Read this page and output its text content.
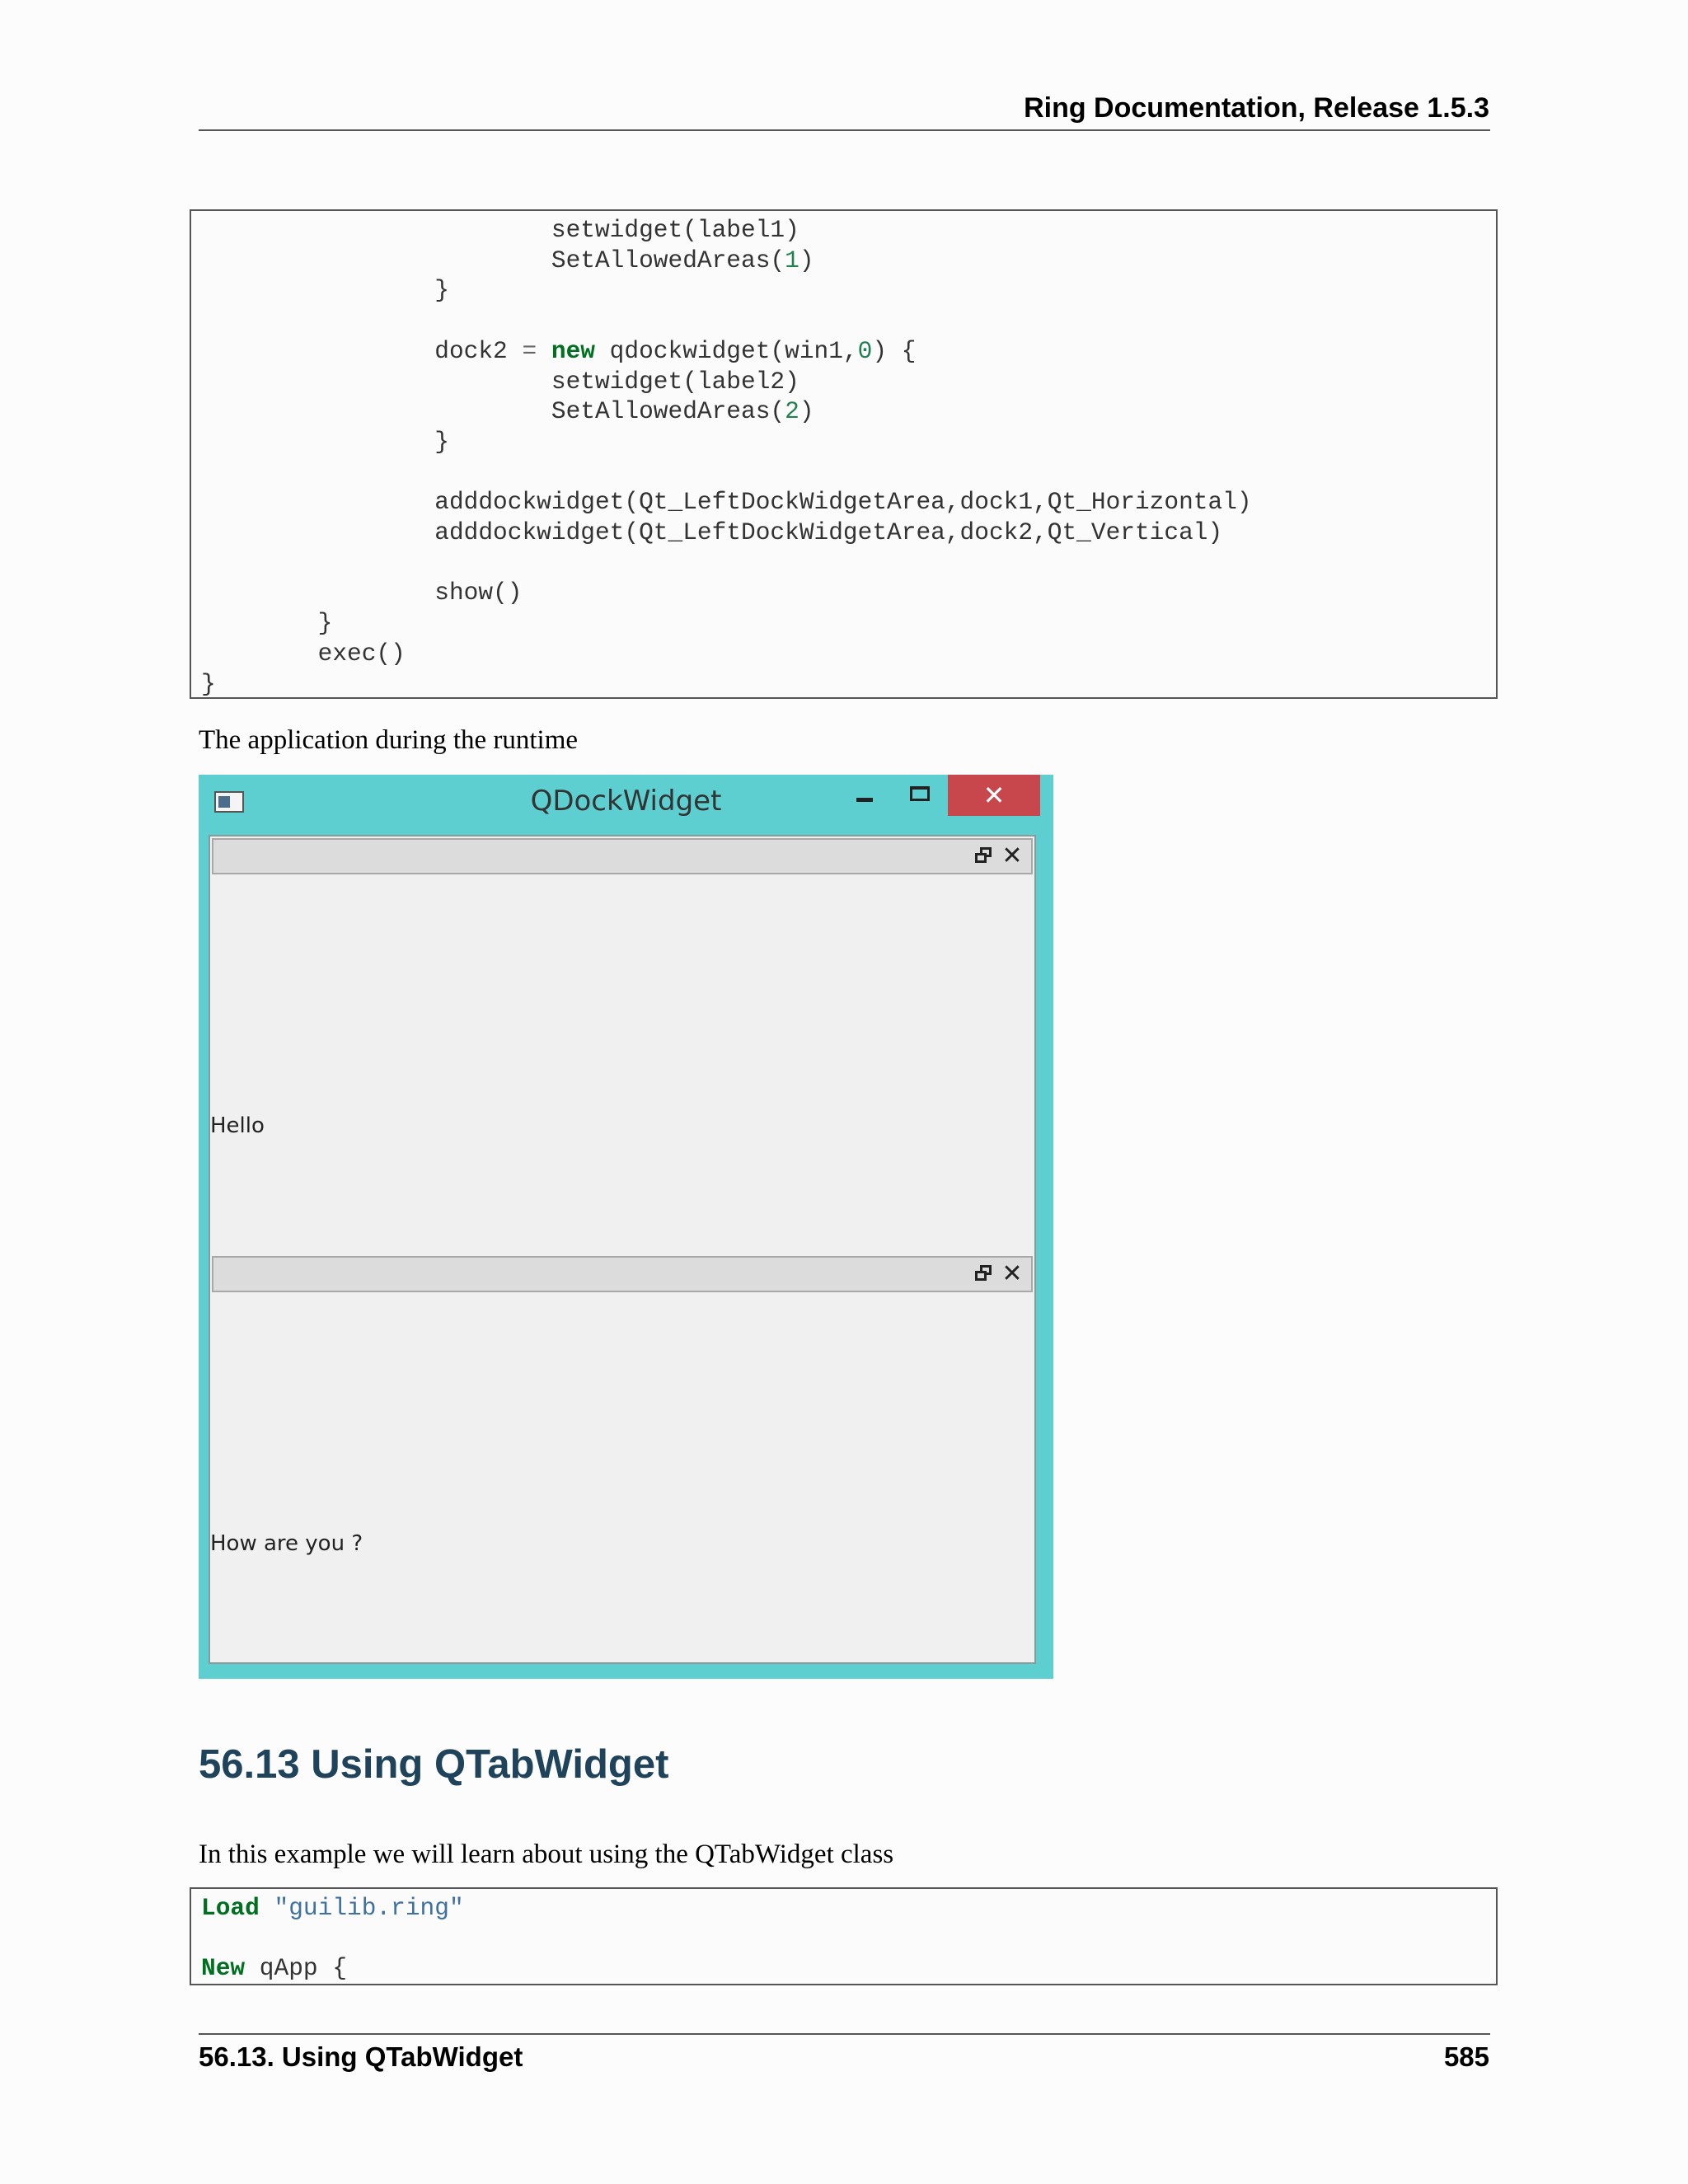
Ring Documentation, Release 1.5.3
setwidget(label1)
SetAllowedAreas(1)
}

dock2 = new qdockwidget(win1,0) {
setwidget(label2)
SetAllowedAreas(2)
}

adddockwidget(Qt_LeftDockWidgetArea,dock1,Qt_Horizontal)
adddockwidget(Qt_LeftDockWidgetArea,dock2,Qt_Vertical)

show()
}
exec()
}
The application during the runtime
QDockWidget	✕
✕
Hello
✕
How are you ?
56.13 Using QTabWidget
In this example we will learn about using the QTabWidget class
Load "guilib.ring"

New qApp {
56.13. Using QTabWidget	585
